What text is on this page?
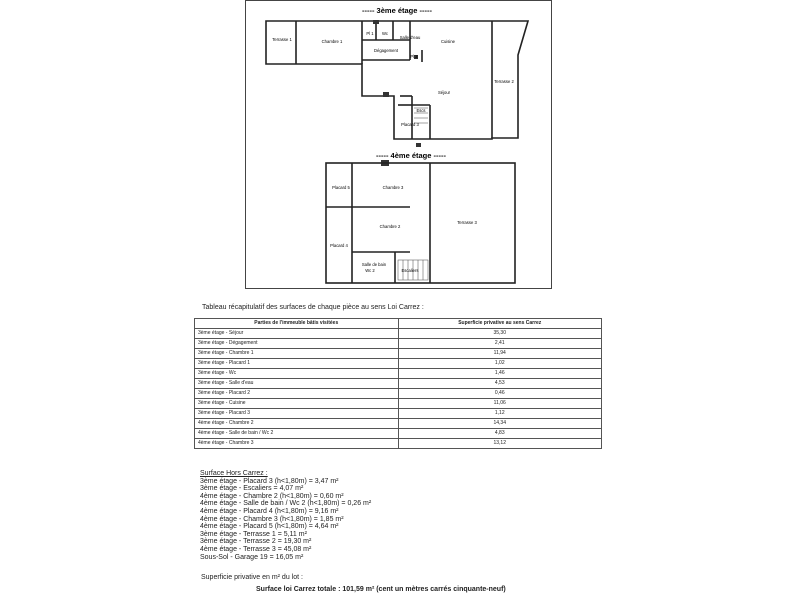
----- 3ème étage -----
Terrasse 1	Chambre 1
Pl 1 Wc
Dégagement
Salle d'eau
Cuisine
Pl 2
Terrasse 2
Séjour
Escs
Placard 3
----- 4ème étage -----
Placard 5	Chambre 3
Chambre 2
Terrasse 3
Placard 4
Salle de bain
Wc 2	Escaliers
Tableau récapitulatif des surfaces de chaque pièce au sens Loi Carrez :
Parties de l'immeuble bâtis visitées	Superficie privative au sens Carrez
3ème étage - Séjour	35,30
3ème étage - Dégagement	2,41
3ème étage - Chambre 1	11,94
3ème étage - Placard 1	1,02
3ème étage - Wc	1,46
3ème étage - Salle d'eau	4,53
3ème étage - Placard 2	0,46
3ème étage - Cuisine	11,06
3ème étage - Placard 3	1,12
4ème étage - Chambre 2	14,34
4ème étage - Salle de bain / Wc 2	4,83
4ème étage - Chambre 3	13,12
Surface Hors Carrez :
3ème étage - Placard 3 (h<1,80m) = 3,47 m²
3ème étage - Escaliers = 4,07 m²
4ème étage - Chambre 2 (h<1,80m) = 0,60 m²
4ème étage - Salle de bain / Wc 2 (h<1,80m) = 0,26 m²
4ème étage - Placard 4 (h<1,80m) = 9,16 m²
4ème étage - Chambre 3 (h<1,80m) = 1,85 m²
4ème étage - Placard 5 (h<1,80m) = 4,64 m²
3ème étage - Terrasse 1 = 5,11 m²
3ème étage - Terrasse 2 = 19,30 m²
4ème étage - Terrasse 3 = 45,08 m²
Sous-Sol - Garage 19 = 16,05 m²
Superficie privative en m² du lot :
Surface loi Carrez totale : 101,59 m² (cent un mètres carrés cinquante-neuf)
